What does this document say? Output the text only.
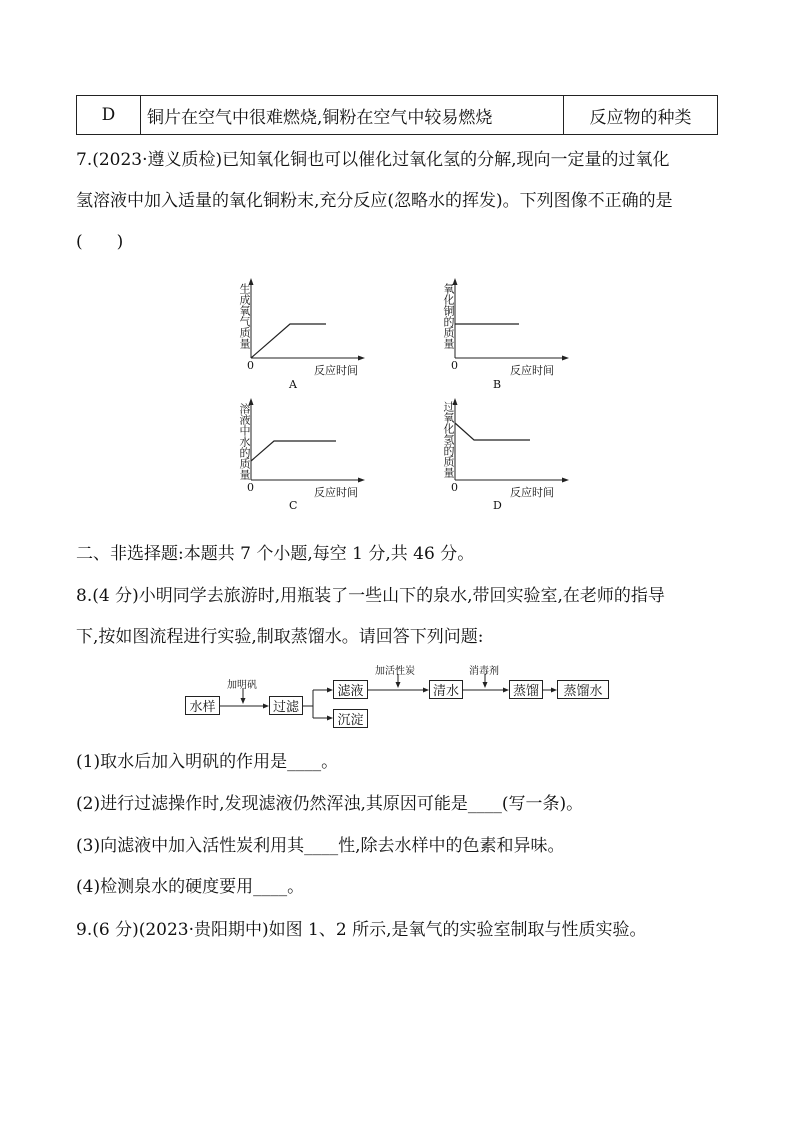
D	铜片在空气中很难燃烧,铜粉在空气中较易燃烧	反应物的种类
7.(2023·遵义质检)已知氧化铜也可以催化过氧化氢的分解,现向一定量的过氧化
氢溶液中加入适量的氧化铜粉末,充分反应(忽略水的挥发)。下列图像不正确的是
(　　)
生成氧气质量
0	反应时间
A
氧化铜的质量
0	反应时间
B
溶液中水的质量
0	反应时间
C
过氧化氢的质量
0	反应时间
D
二、非选择题:本题共 7 个小题,每空 1 分,共 46 分。
8.(4 分)小明同学去旅游时,用瓶装了一些山下的泉水,带回实验室,在老师的指导
下,按如图流程进行实验,制取蒸馏水。请回答下列问题:
水样	过滤
滤液
沉淀
清水	蒸馏	蒸馏水
加明矾
加活性炭	消毒剂
(1)取水后加入明矾的作用是____。
(2)进行过滤操作时,发现滤液仍然浑浊,其原因可能是____(写一条)。
(3)向滤液中加入活性炭利用其____性,除去水样中的色素和异味。
(4)检测泉水的硬度要用____。
9.(6 分)(2023·贵阳期中)如图 1、2 所示,是氧气的实验室制取与性质实验。
